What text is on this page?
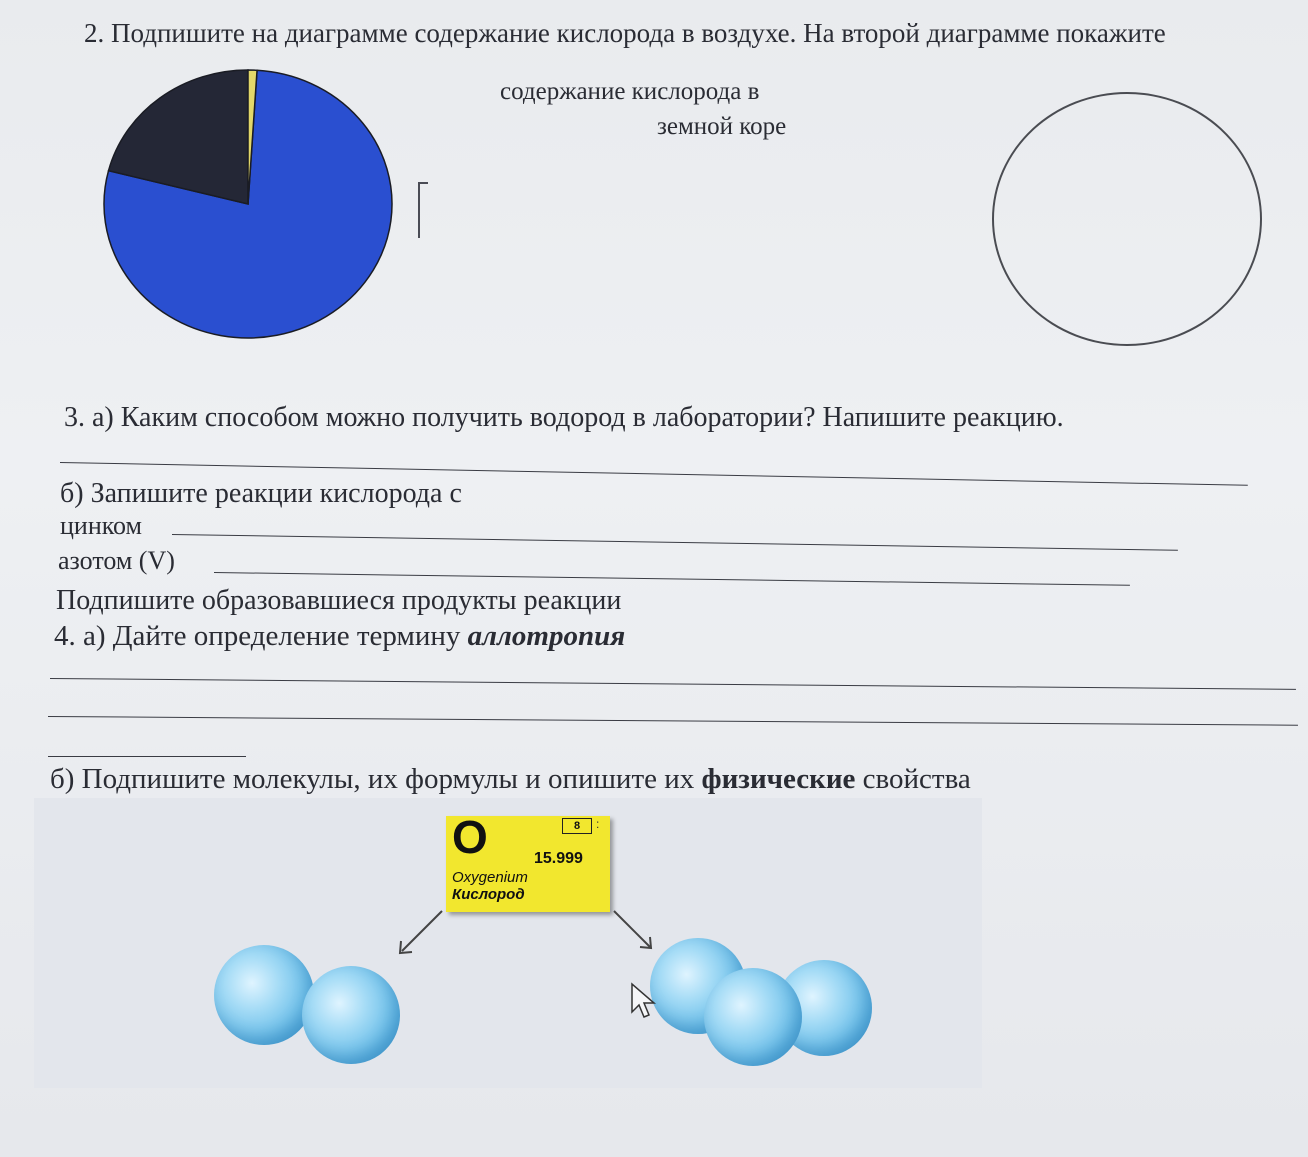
2. Подпишите на диаграмме содержание кислорода в воздухе. На второй диаграмме покажите
содержание кислорода в
земной коре
3. а) Каким способом можно получить водород в лаборатории? Напишите реакцию.
б) Запишите реакции кислорода с
цинком
азотом (V)
Подпишите образовавшиеся продукты реакции
4. а) Дайте определение термину аллотропия
б) Подпишите молекулы, их формулы и опишите их физические свойства
O	8	:
15.999
Oxygenium
Кислород
